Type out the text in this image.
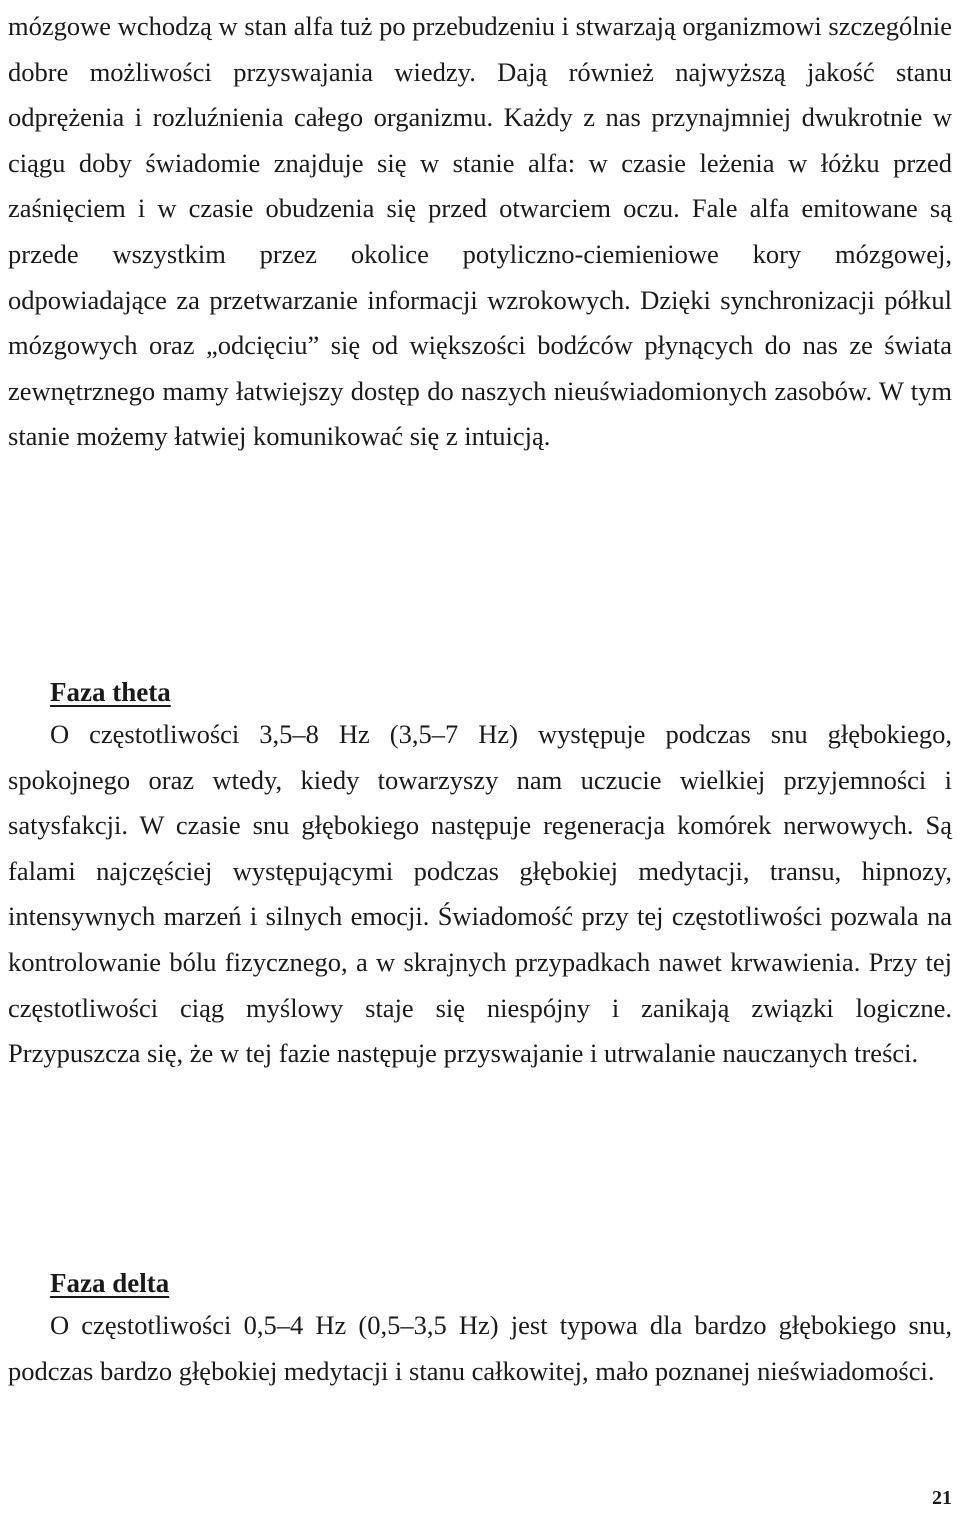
mózgowe wchodzą w stan alfa tuż po przebudzeniu i stwarzają organizmowi szczególnie dobre możliwości przyswajania wiedzy. Dają również najwyższą jakość stanu odprężenia i rozluźnienia całego organizmu. Każdy z nas przynajmniej dwukrotnie w ciągu doby świadomie znajduje się w stanie alfa: w czasie leżenia w łóżku przed zaśnięciem i w czasie obudzenia się przed otwarciem oczu. Fale alfa emitowane są przede wszystkim przez okolice potyliczno-ciemieniowe kory mózgowej, odpowiadające za przetwarzanie informacji wzrokowych. Dzięki synchronizacji półkul mózgowych oraz „odcięciu” się od większości bodźców płynących do nas ze świata zewnętrznego mamy łatwiejszy dostęp do naszych nieuświadomionych zasobów. W tym stanie możemy łatwiej komunikować się z intuicją.

Faza theta

O częstotliwości 3,5–8 Hz (3,5–7 Hz) występuje podczas snu głębokiego, spokojnego oraz wtedy, kiedy towarzyszy nam uczucie wielkiej przyjemności i satysfakcji. W czasie snu głębokiego następuje regeneracja komórek nerwowych. Są falami najczęściej występującymi podczas głębokiej medytacji, transu, hipnozy, intensywnych marzeń i silnych emocji. Świadomość przy tej częstotliwości pozwala na kontrolowanie bólu fizycznego, a w skrajnych przypadkach nawet krwawienia. Przy tej częstotliwości ciąg myślowy staje się niespójny i zanikają związki logiczne. Przypuszcza się, że w tej fazie następuje przyswajanie i utrwalanie nauczanych treści.

Faza delta

O częstotliwości 0,5–4 Hz (0,5–3,5 Hz) jest typowa dla bardzo głębokiego snu, podczas bardzo głębokiej medytacji i stanu całkowitej, mało poznanej nieświadomości.

21
